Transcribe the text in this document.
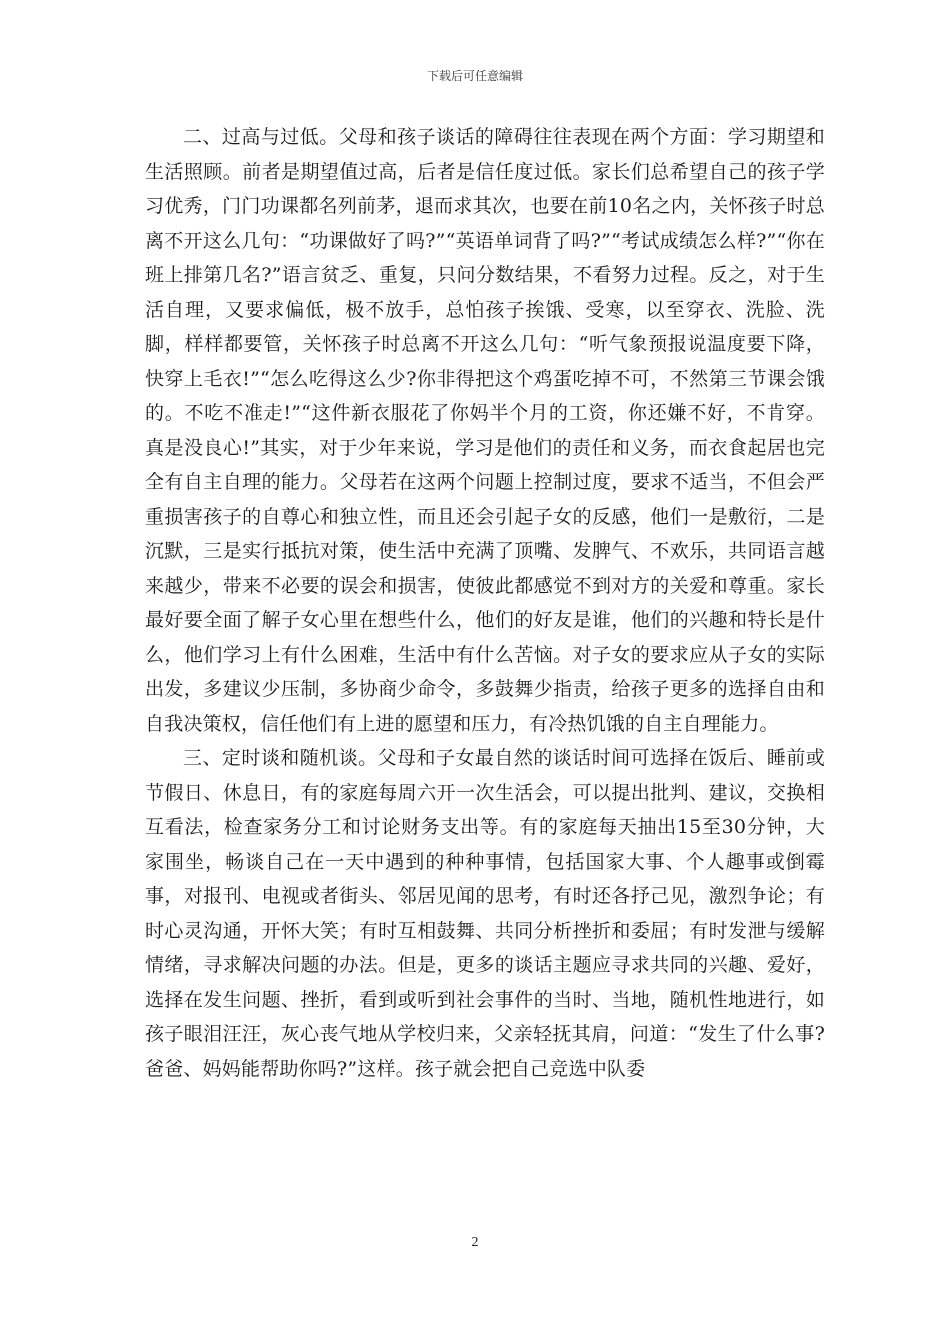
下载后可任意编辑

二、过高与过低。父母和孩子谈话的障碍往往表现在两个方面：学习期望和生活照顾。前者是期望值过高，后者是信任度过低。家长们总希望自己的孩子学习优秀，门门功课都名列前茅，退而求其次，也要在前10名之内，关怀孩子时总离不开这么几句：“功课做好了吗?”“英语单词背了吗?”“考试成绩怎么样?”“你在班上排第几名?”语言贫乏、重复，只问分数结果，不看努力过程。反之，对于生活自理，又要求偏低，极不放手，总怕孩子挨饿、受寒，以至穿衣、洗脸、洗脚，样样都要管，关怀孩子时总离不开这么几句：“听气象预报说温度要下降，快穿上毛衣!”“怎么吃得这么少?你非得把这个鸡蛋吃掉不可，不然第三节课会饿的。不吃不准走!”“这件新衣服花了你妈半个月的工资，你还嫌不好，不肯穿。真是没良心!”其实，对于少年来说，学习是他们的责任和义务，而衣食起居也完全有自主自理的能力。父母若在这两个问题上控制过度，要求不适当，不但会严重损害孩子的自尊心和独立性，而且还会引起子女的反感，他们一是敷衍，二是沉默，三是实行抵抗对策，使生活中充满了顶嘴、发脾气、不欢乐，共同语言越来越少，带来不必要的误会和损害，使彼此都感觉不到对方的关爱和尊重。家长最好要全面了解子女心里在想些什么，他们的好友是谁，他们的兴趣和特长是什么，他们学习上有什么困难，生活中有什么苦恼。对子女的要求应从子女的实际出发，多建议少压制，多协商少命令，多鼓舞少指责，给孩子更多的选择自由和自我决策权，信任他们有上进的愿望和压力，有冷热饥饿的自主自理能力。

三、定时谈和随机谈。父母和子女最自然的谈话时间可选择在饭后、睡前或节假日、休息日，有的家庭每周六开一次生活会，可以提出批判、建议，交换相互看法，检查家务分工和讨论财务支出等。有的家庭每天抽出15至30分钟，大家围坐，畅谈自己在一天中遇到的种种事情，包括国家大事、个人趣事或倒霉事，对报刊、电视或者街头、邻居见闻的思考，有时还各抒己见，激烈争论；有时心灵沟通，开怀大笑；有时互相鼓舞、共同分析挫折和委屈；有时发泄与缓解情绪，寻求解决问题的办法。但是，更多的谈话主题应寻求共同的兴趣、爱好，选择在发生问题、挫折，看到或听到社会事件的当时、当地，随机性地进行，如孩子眼泪汪汪，灰心丧气地从学校归来，父亲轻抚其肩，问道：“发生了什么事?爸爸、妈妈能帮助你吗?”这样。孩子就会把自己竞选中队委

2
